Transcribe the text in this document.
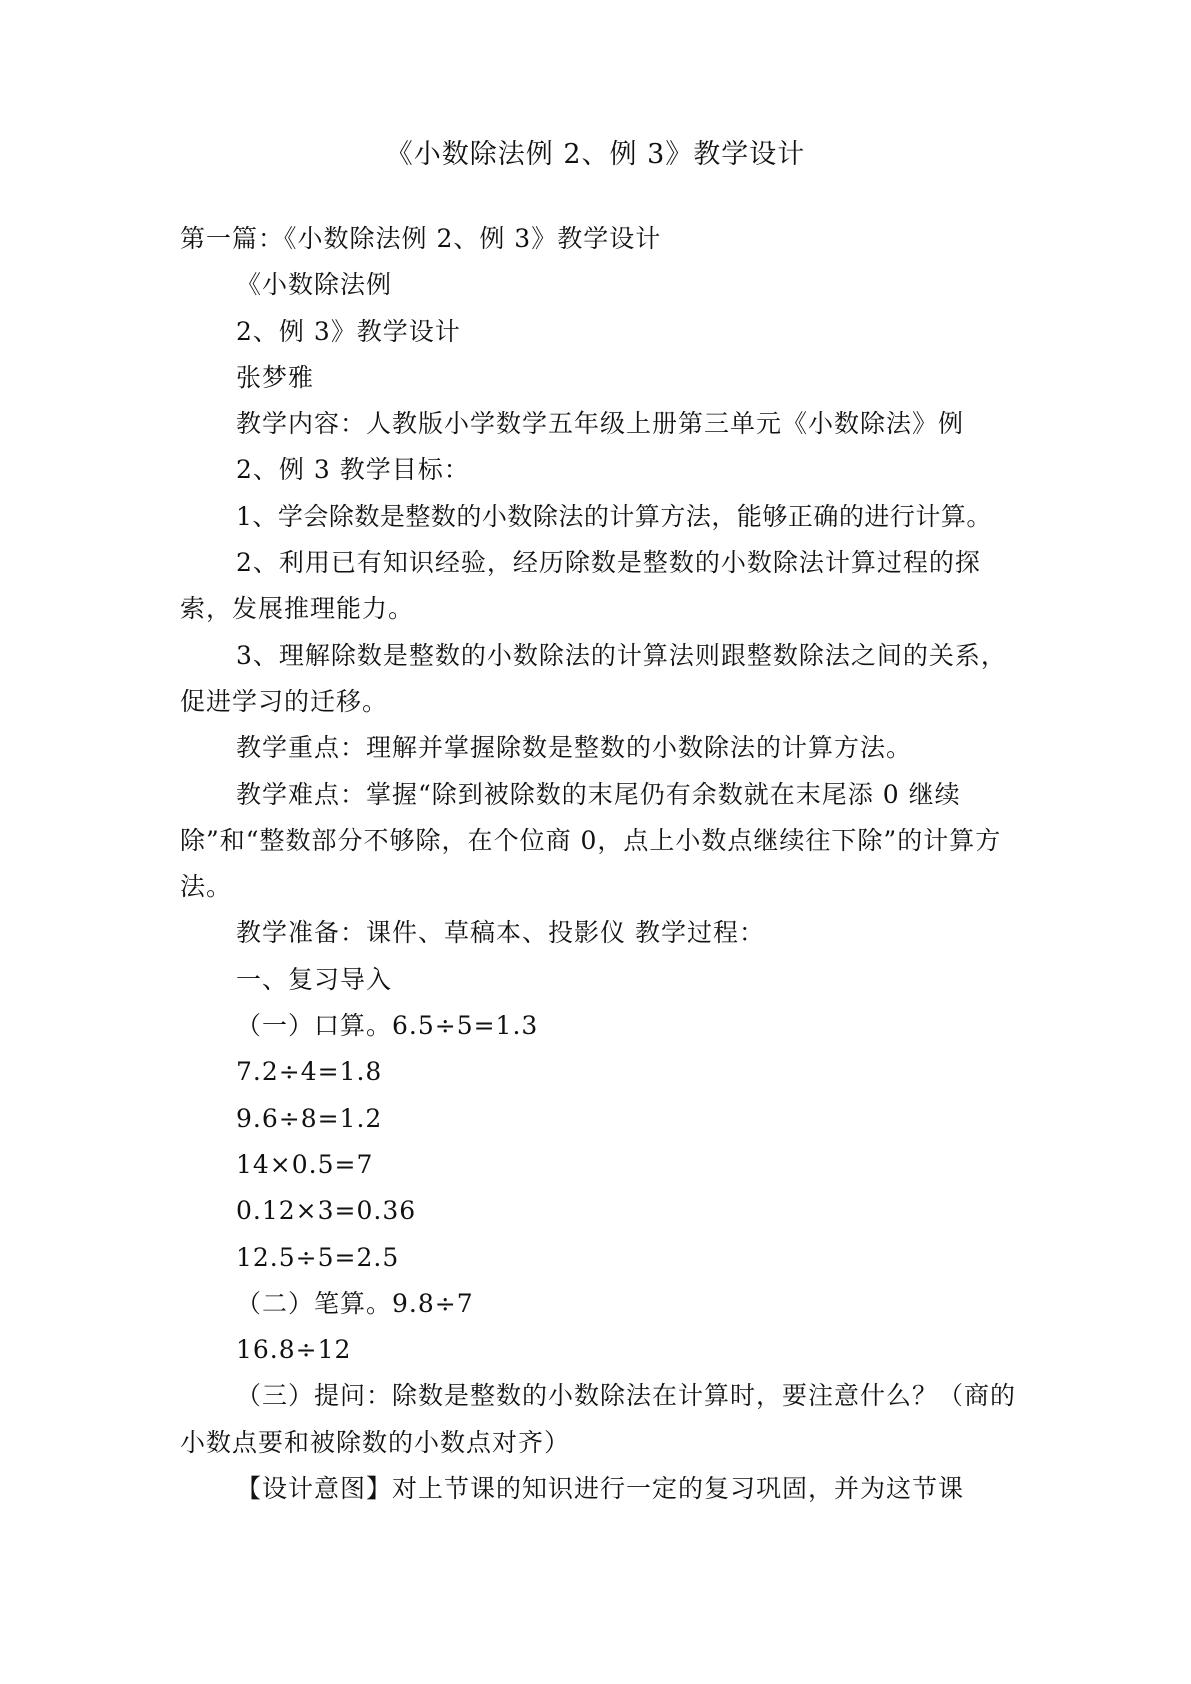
《小数除法例 2、例 3》教学设计

第一篇：《小数除法例 2、例 3》教学设计

《小数除法例

2、例 3》教学设计

张梦雅

教学内容：人教版小学数学五年级上册第三单元《小数除法》例

2、例 3 教学目标：

1、学会除数是整数的小数除法的计算方法，能够正确的进行计算。

2、利用已有知识经验，经历除数是整数的小数除法计算过程的探索，发展推理能力。

3、理解除数是整数的小数除法的计算法则跟整数除法之间的关系，促进学习的迁移。

教学重点：理解并掌握除数是整数的小数除法的计算方法。

教学难点：掌握“除到被除数的末尾仍有余数就在末尾添 0 继续除”和“整数部分不够除，在个位商 0，点上小数点继续往下除”的计算方法。

教学准备：课件、草稿本、投影仪 教学过程：

一、复习导入

（一）口算。6.5÷5=1.3

7.2÷4=1.8

9.6÷8=1.2

14×0.5=7

0.12×3=0.36

12.5÷5=2.5

（二）笔算。9.8÷7

16.8÷12

（三）提问：除数是整数的小数除法在计算时，要注意什么？（商的小数点要和被除数的小数点对齐）

【设计意图】对上节课的知识进行一定的复习巩固，并为这节课
